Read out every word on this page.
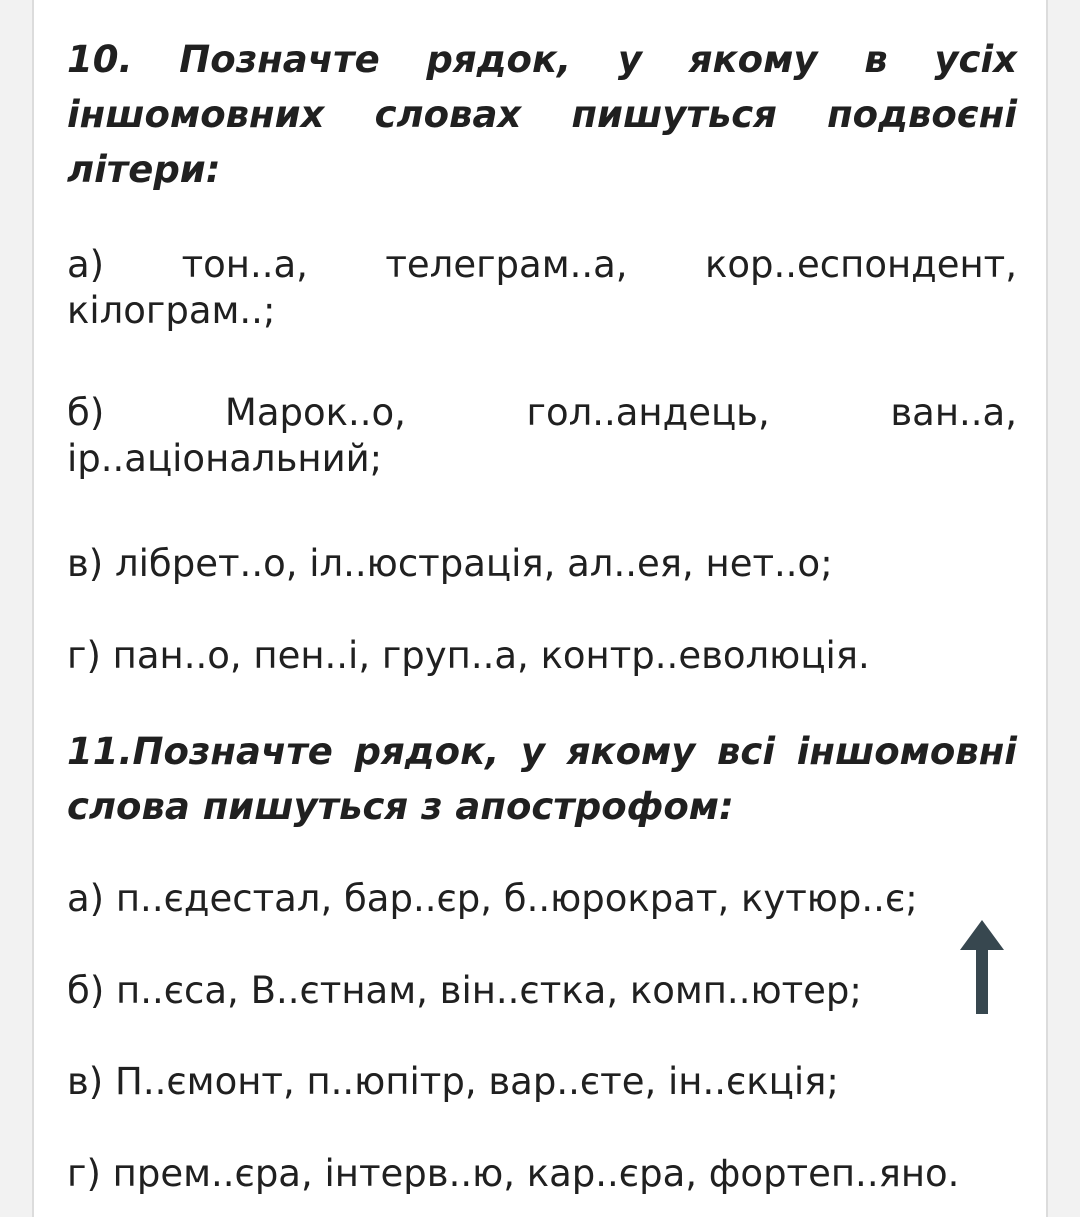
10. Позначте рядок, у якому в усіх іншомовних словах пишуться подвоєні літери:

а) тон..а, телеграм..а, кор..еспондент, кілограм..;

б) Марок..о, гол..андець, ван..а, ір..аціональний;

в) лібрет..о, іл..юстрація, ал..ея, нет..о;

г) пан..о, пен..і, груп..а, контр..еволюція.

11.Позначте рядок, у якому всі іншомовні слова пишуться з апострофом:

а) п..єдестал, бар..єр, б..юрократ, кутюр..є;

б) п..єса, В..єтнам, він..єтка, комп..ютер;

в) П..ємонт, п..юпітр, вар..єте, ін..єкція;

г) прем..єра, інтерв..ю, кар..єра, фортеп..яно.
